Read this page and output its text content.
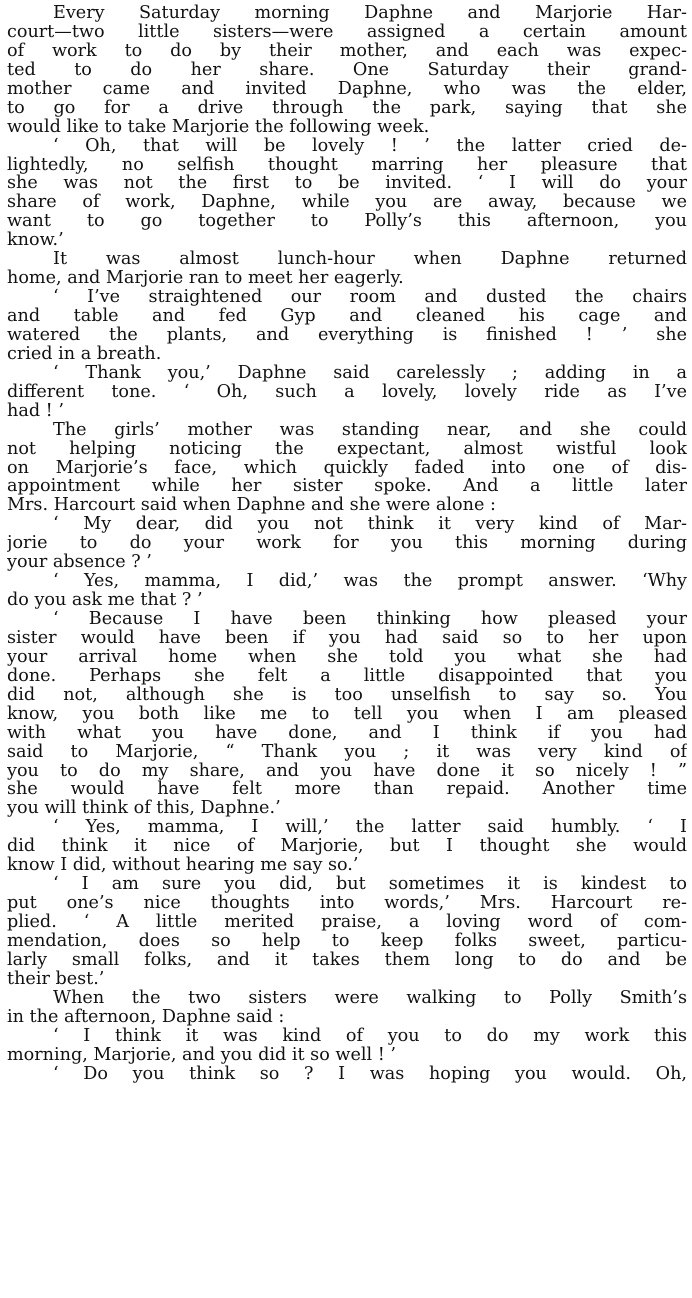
Every Saturday morning Daphne and Marjorie Har-
court—two little sisters—were assigned a certain amount
of work to do by their mother, and each was expec-
ted to do her share. One Saturday their grand-
mother came and invited Daphne, who was the elder,
to go for a drive through the park, saying that she
would like to take Marjorie the following week.
‘ Oh, that will be lovely ! ’ the latter cried de-
lightedly, no selfish thought marring her pleasure that
she was not the first to be invited. ‘ I will do your
share of work, Daphne, while you are away, because we
want to go together to Polly’s this afternoon, you
know.’
It was almost lunch-hour when Daphne returned
home, and Marjorie ran to meet her eagerly.
‘ I’ve straightened our room and dusted the chairs
and table and fed Gyp and cleaned his cage and
watered the plants, and everything is finished ! ’ she
cried in a breath.
‘ Thank you,’ Daphne said carelessly ; adding in a
different tone. ‘ Oh, such a lovely, lovely ride as I’ve
had ! ’
The girls’ mother was standing near, and she could
not helping noticing the expectant, almost wistful look
on Marjorie’s face, which quickly faded into one of dis-
appointment while her sister spoke. And a little later
Mrs. Harcourt said when Daphne and she were alone :
‘ My dear, did you not think it very kind of Mar-
jorie to do your work for you this morning during
your absence ? ’
‘ Yes, mamma, I did,’ was the prompt answer. ‘Why
do you ask me that ? ’
‘ Because I have been thinking how pleased your
sister would have been if you had said so to her upon
your arrival home when she told you what she had
done. Perhaps she felt a little disappointed that you
did not, although she is too unselfish to say so. You
know, you both like me to tell you when I am pleased
with what you have done, and I think if you had
said to Marjorie, “ Thank you ; it was very kind of
you to do my share, and you have done it so nicely ! ”
she would have felt more than repaid. Another time
you will think of this, Daphne.’
‘ Yes, mamma, I will,’ the latter said humbly. ‘ I
did think it nice of Marjorie, but I thought she would
know I did, without hearing me say so.’
‘ I am sure you did, but sometimes it is kindest to
put one’s nice thoughts into words,’ Mrs. Harcourt re-
plied. ‘ A little merited praise, a loving word of com-
mendation, does so help to keep folks sweet, particu-
larly small folks, and it takes them long to do and be
their best.’
When the two sisters were walking to Polly Smith’s
in the afternoon, Daphne said :
‘ I think it was kind of you to do my work this
morning, Marjorie, and you did it so well ! ’
‘ Do you think so ? I was hoping you would. Oh,
